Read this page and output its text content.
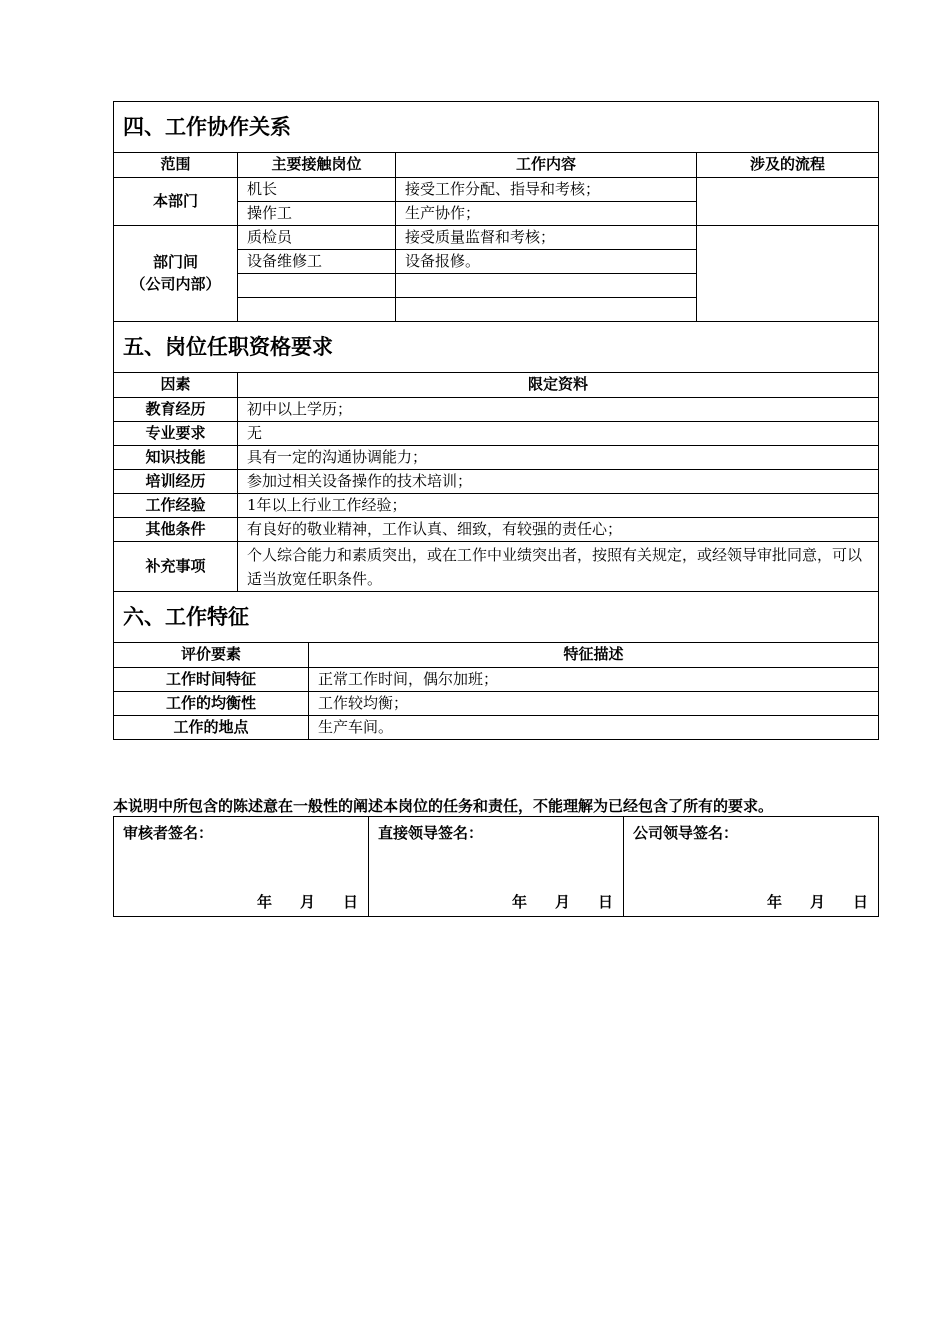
四、工作协作关系				
范围	主要接触岗位		工作内容	涉及的流程
本部门	机长		接受工作分配、指导和考核；	
	操作工		生产协作；	

部门间
（公司内部）	质检员		接受质量监督和考核；	
	设备维修工		设备报修。	

五、岗位任职资格要求				
因素	限定资料			
教育经历	初中以上学历；			
专业要求	无			
知识技能	具有一定的沟通协调能力；			
培训经历	参加过相关设备操作的技术培训；			
工作经验	1年以上行业工作经验；			
其他条件	有良好的敬业精神，工作认真、细致，有较强的责任心；			
补充事项	个人综合能力和素质突出，或在工作中业绩突出者，按照有关规定，或经领导审批同意，可以适当放宽任职条件。			
六、工作特征				
评价要素		特征描述		
工作时间特征		正常工作时间，偶尔加班；		
工作的均衡性		工作较均衡；		
工作的地点		生产车间。		
本说明中所包含的陈述意在一般性的阐述本岗位的任务和责任，不能理解为已经包含了所有的要求。
审核者签名：
年 月 日

直接领导签名：
年 月 日

公司领导签名：
年 月 日
